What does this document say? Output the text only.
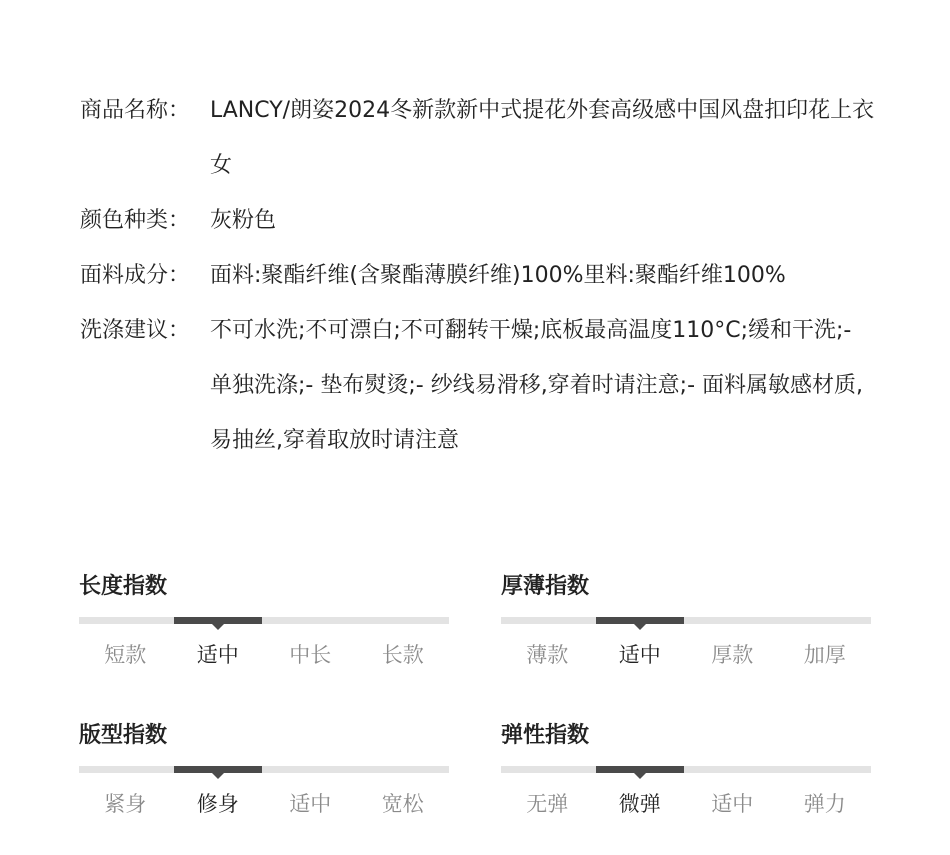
商品名称： LANCY/朗姿2024冬新款新中式提花外套高级感中国风盘扣印花上衣女
颜色种类： 灰粉色
面料成分： 面料:聚酯纤维(含聚酯薄膜纤维)100%里料:聚酯纤维100%
洗涤建议： 不可水洗;不可漂白;不可翻转干燥;底板最高温度110°C;缓和干洗;- 单独洗涤;- 垫布熨烫;- 纱线易滑移,穿着时请注意;- 面料属敏感材质,易抽丝,穿着取放时请注意
长度指数
短款	适中	中长	长款
厚薄指数
薄款	适中	厚款	加厚
版型指数
紧身	修身	适中	宽松
弹性指数
无弹	微弹	适中	弹力
